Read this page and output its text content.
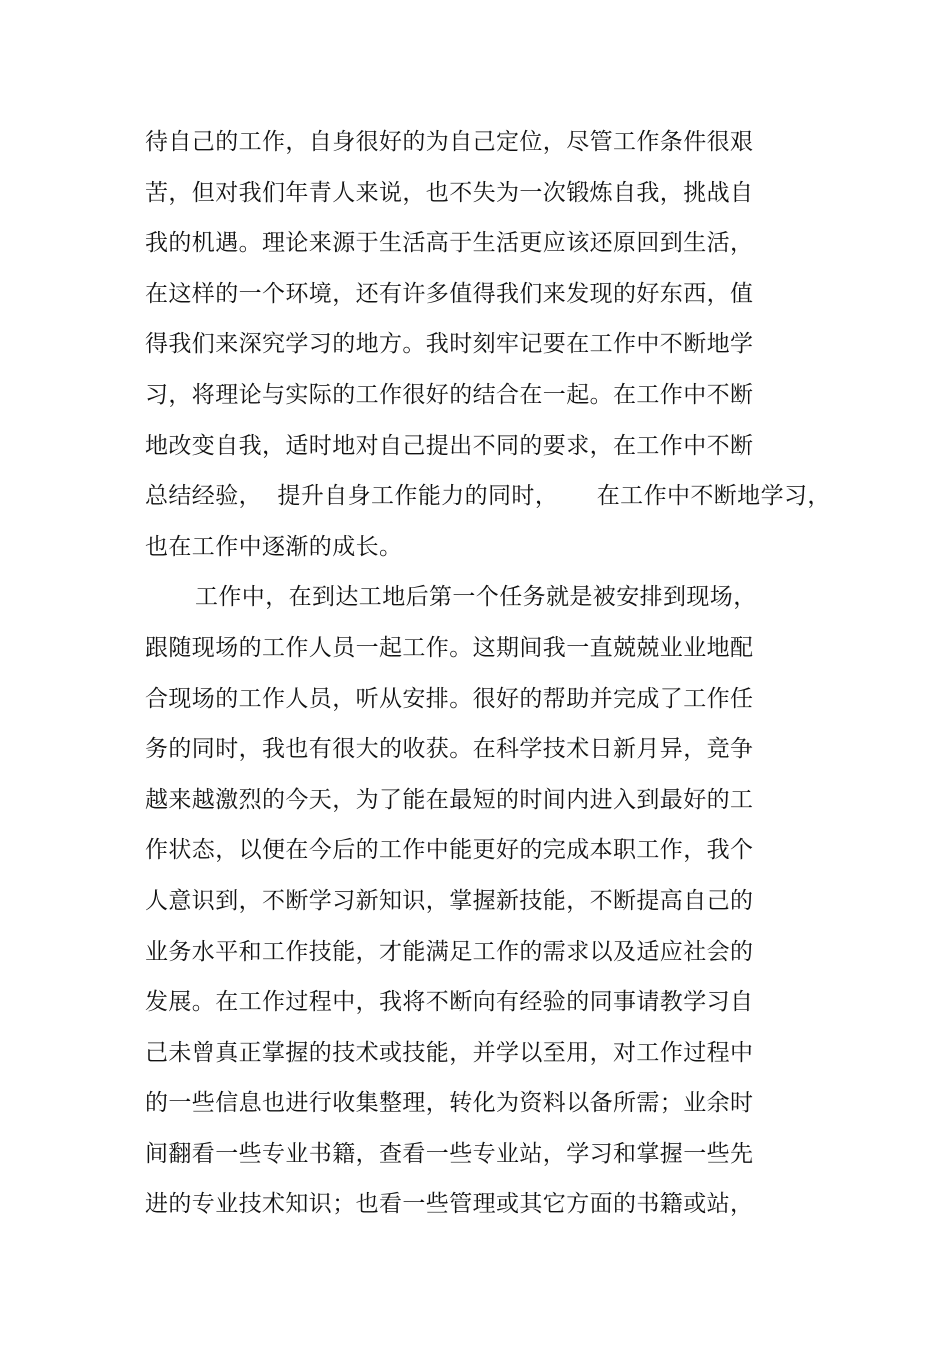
待自己的工作，自身很好的为自己定位，尽管工作条件很艰
苦，但对我们年青人来说，也不失为一次锻炼自我，挑战自
我的机遇。理论来源于生活高于生活更应该还原回到生活，
在这样的一个环境，还有许多值得我们来发现的好东西，值
得我们来深究学习的地方。我时刻牢记要在工作中不断地学
习，将理论与实际的工作很好的结合在一起。在工作中不断
地改变自我，适时地对自己提出不同的要求，在工作中不断
总结经验，  提升自身工作能力的同时，     在工作中不断地学习，
也在工作中逐渐的成长。
工作中，在到达工地后第一个任务就是被安排到现场，
跟随现场的工作人员一起工作。这期间我一直兢兢业业地配
合现场的工作人员，听从安排。很好的帮助并完成了工作任
务的同时，我也有很大的收获。在科学技术日新月异，竞争
越来越激烈的今天，为了能在最短的时间内进入到最好的工
作状态，以便在今后的工作中能更好的完成本职工作，我个
人意识到，不断学习新知识，掌握新技能，不断提高自己的
业务水平和工作技能，才能满足工作的需求以及适应社会的
发展。在工作过程中，我将不断向有经验的同事请教学习自
己未曾真正掌握的技术或技能，并学以至用，对工作过程中
的一些信息也进行收集整理，转化为资料以备所需；业余时
间翻看一些专业书籍，查看一些专业站，学习和掌握一些先
进的专业技术知识；也看一些管理或其它方面的书籍或站，
